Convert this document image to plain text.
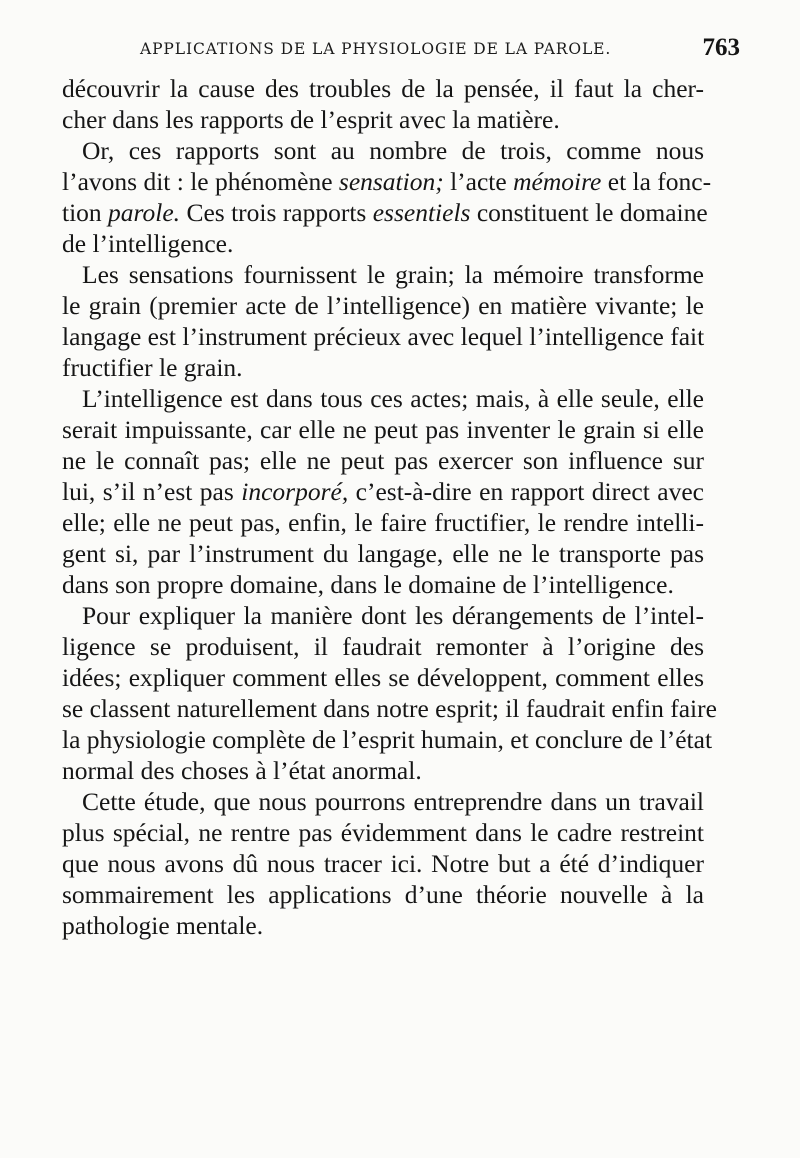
APPLICATIONS DE LA PHYSIOLOGIE DE LA PAROLE.	763
découvrir la cause des troubles de la pensée, il faut la cher-
cher dans les rapports de l’esprit avec la matière.
Or, ces rapports sont au nombre de trois, comme nous
l’avons dit : le phénomène sensation; l’acte mémoire et la fonc-
tion parole. Ces trois rapports essentiels constituent le domaine
de l’intelligence.
Les sensations fournissent le grain; la mémoire transforme
le grain (premier acte de l’intelligence) en matière vivante; le
langage est l’instrument précieux avec lequel l’intelligence fait
fructifier le grain.
L’intelligence est dans tous ces actes; mais, à elle seule, elle
serait impuissante, car elle ne peut pas inventer le grain si elle
ne le connaît pas; elle ne peut pas exercer son influence sur
lui, s’il n’est pas incorporé, c’est-à-dire en rapport direct avec
elle; elle ne peut pas, enfin, le faire fructifier, le rendre intelli-
gent si, par l’instrument du langage, elle ne le transporte pas
dans son propre domaine, dans le domaine de l’intelligence.
Pour expliquer la manière dont les dérangements de l’intel-
ligence se produisent, il faudrait remonter à l’origine des
idées; expliquer comment elles se développent, comment elles
se classent naturellement dans notre esprit; il faudrait enfin faire
la physiologie complète de l’esprit humain, et conclure de l’état
normal des choses à l’état anormal.
Cette étude, que nous pourrons entreprendre dans un travail
plus spécial, ne rentre pas évidemment dans le cadre restreint
que nous avons dû nous tracer ici. Notre but a été d’indiquer
sommairement les applications d’une théorie nouvelle à la
pathologie mentale.
